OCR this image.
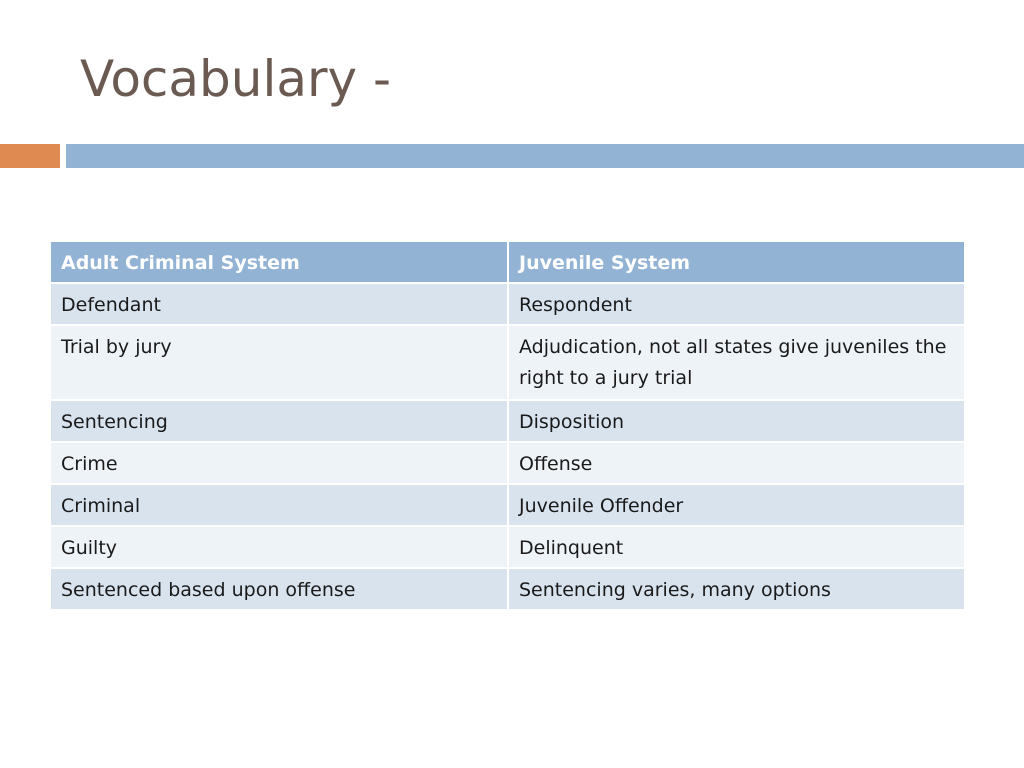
Vocabulary -
Adult Criminal System	Juvenile System
Defendant	Respondent
Trial by jury	Adjudication, not all states give juveniles the right to a jury trial
Sentencing	Disposition
Crime	Offense
Criminal	Juvenile Offender
Guilty	Delinquent
Sentenced based upon offense	Sentencing varies, many options
